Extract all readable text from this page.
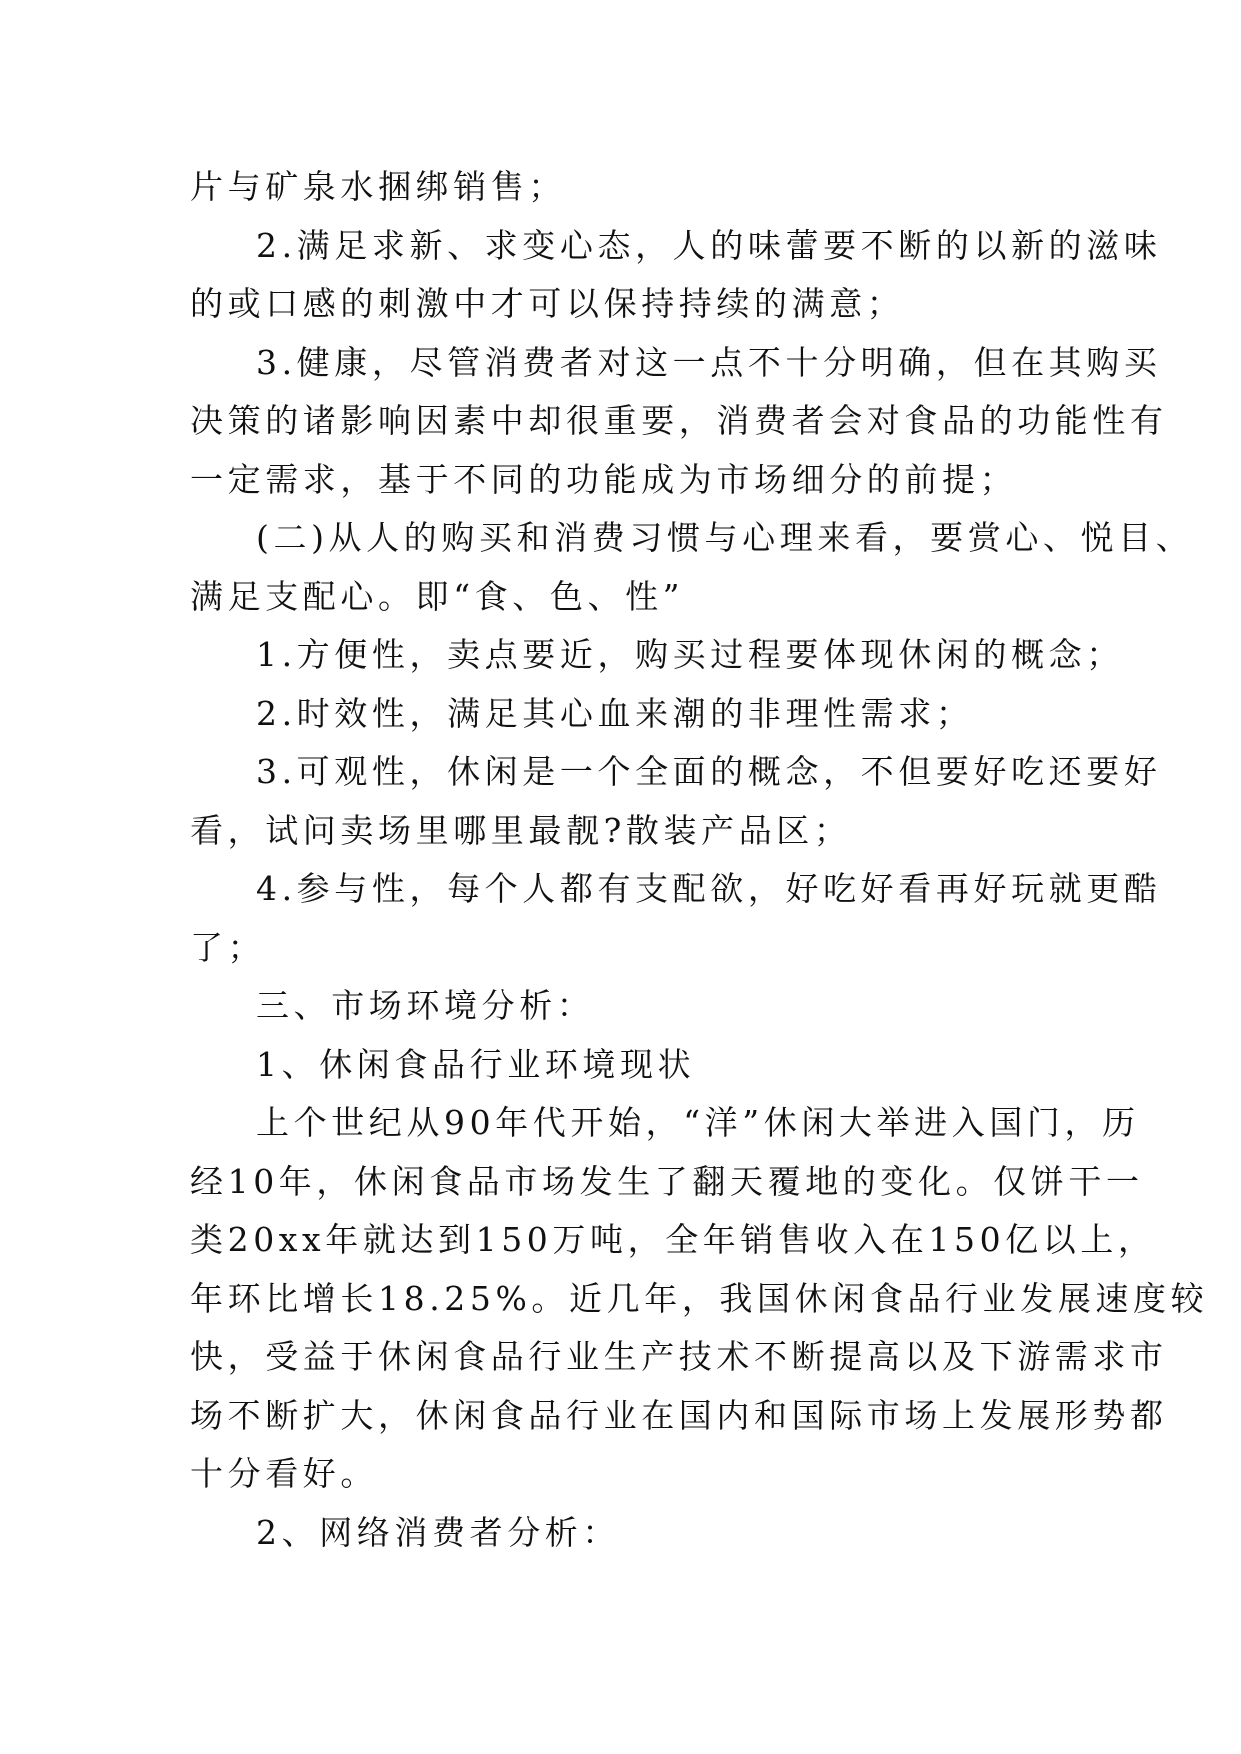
片与矿泉水捆绑销售；
2.满足求新、求变心态，人的味蕾要不断的以新的滋味
的或口感的刺激中才可以保持持续的满意；
3.健康，尽管消费者对这一点不十分明确，但在其购买
决策的诸影响因素中却很重要，消费者会对食品的功能性有
一定需求，基于不同的功能成为市场细分的前提；
(二)从人的购买和消费习惯与心理来看，要赏心、悦目、
满足支配心。即“食、色、性”
1.方便性，卖点要近，购买过程要体现休闲的概念；
2.时效性，满足其心血来潮的非理性需求；
3.可观性，休闲是一个全面的概念，不但要好吃还要好
看，试问卖场里哪里最靓?散装产品区；
4.参与性，每个人都有支配欲，好吃好看再好玩就更酷
了；
三、市场环境分析：
1、休闲食品行业环境现状
上个世纪从90年代开始，“洋”休闲大举进入国门，历
经10年，休闲食品市场发生了翻天覆地的变化。仅饼干一
类20xx年就达到150万吨，全年销售收入在150亿以上，
年环比增长18.25%。近几年，我国休闲食品行业发展速度较
快，受益于休闲食品行业生产技术不断提高以及下游需求市
场不断扩大，休闲食品行业在国内和国际市场上发展形势都
十分看好。
2、网络消费者分析：
